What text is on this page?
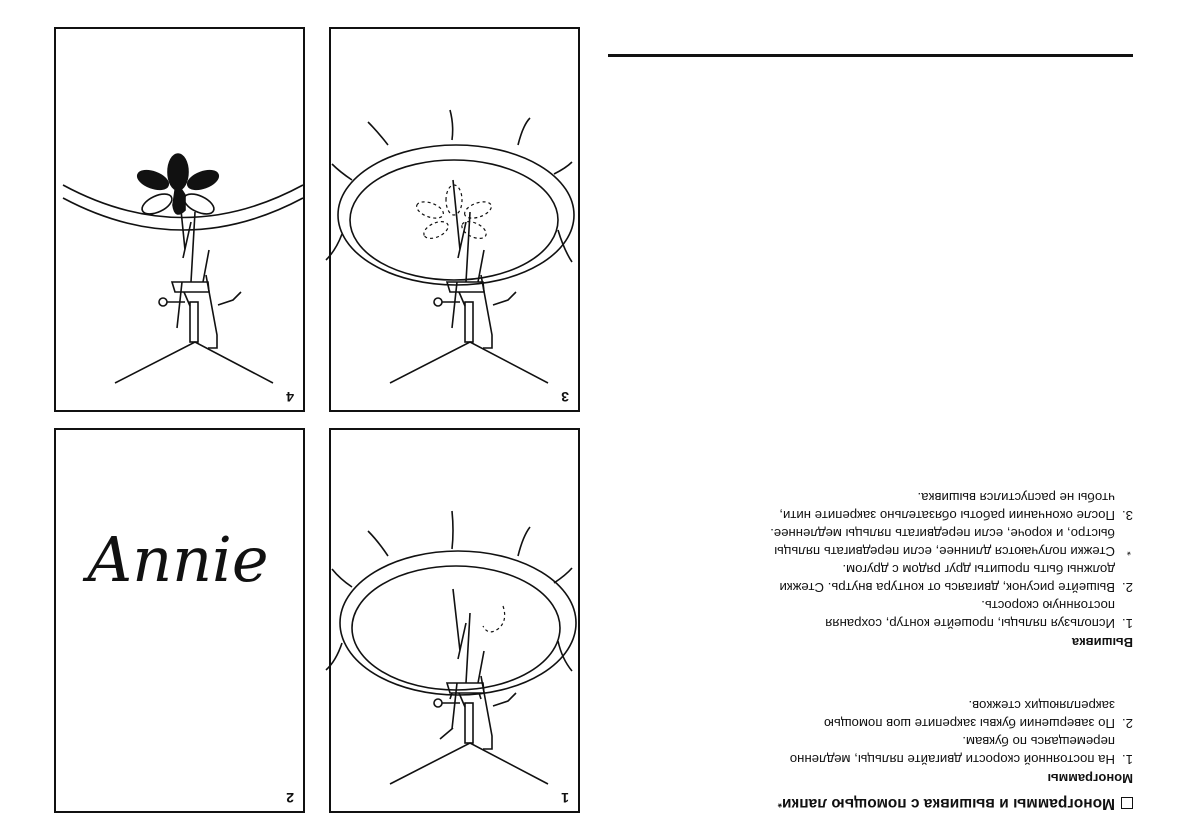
Монограммы и вышивка с помощью лапки
*
Монограммы
1.
На постоянной скорости двигайте пяльцы, медленно
перемещаясь по буквам.
2.
По завершении буквы закрепите шов помощью
закрепляющих стежков.
Вышивка
1.
Используя пяльцы, прошейте контур, сохраняя
постоянную скорость.
2.
Вышейте рисунок, двигаясь от контура внутрь. Стежки
должны быть прошиты друг рядом с другом.
*
Стежки получаются длиннее, если передвигать пяльцы
быстро, и короче, если передвигать пяльцы медленнее.
3.
После окончании работы обязательно закрепите нити,
чтобы не распустился вышивка.
1
2
Annie
3
4
